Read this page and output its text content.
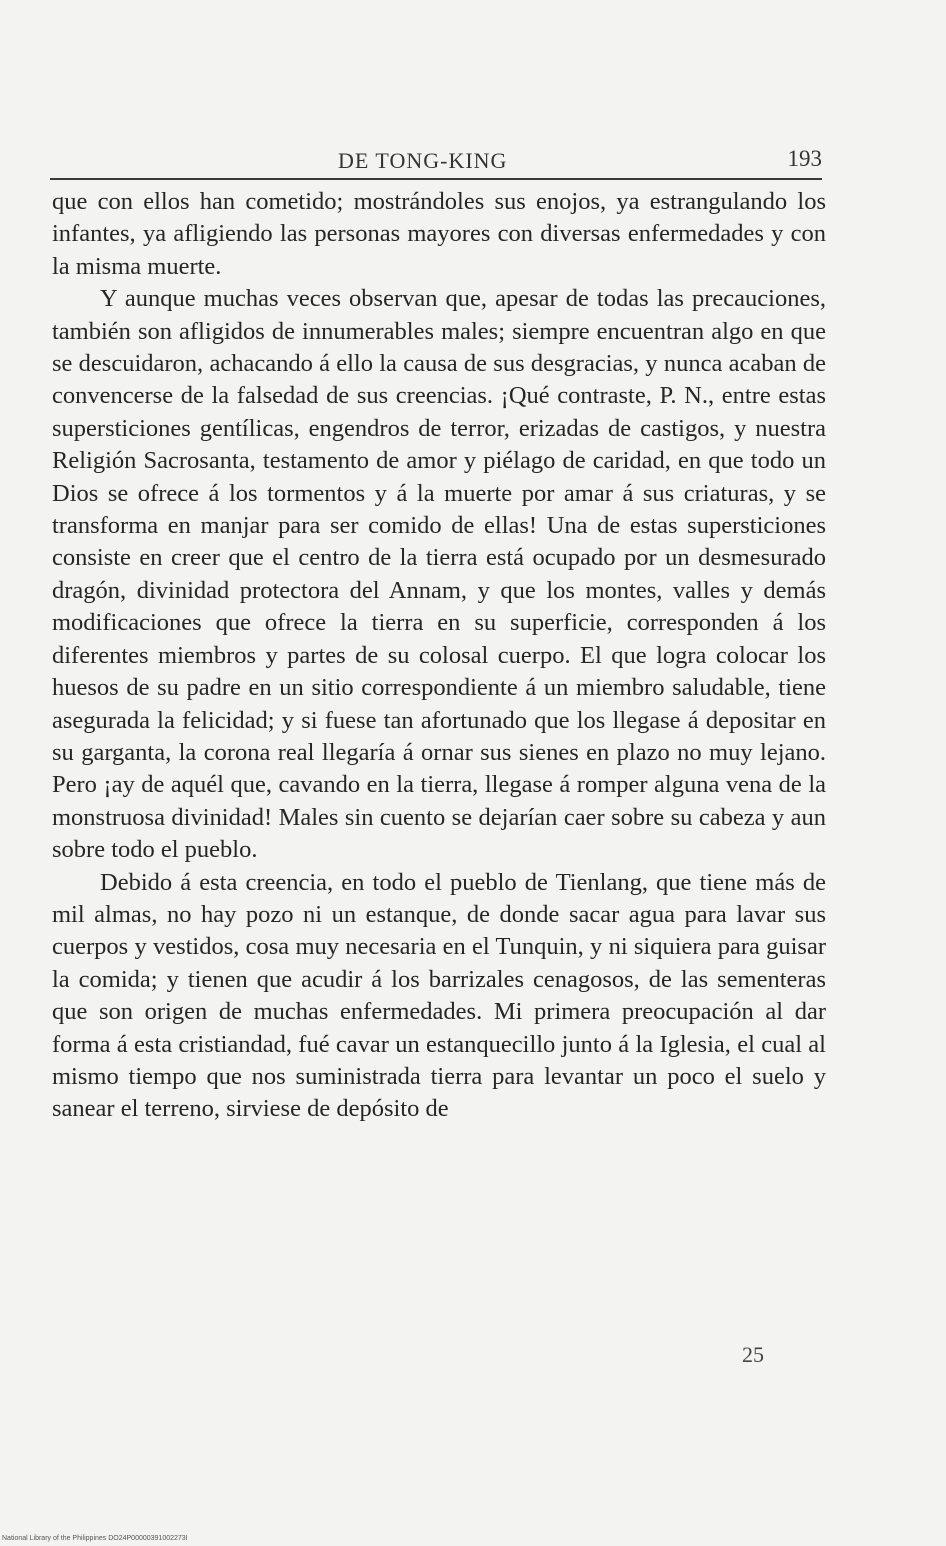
DE TONG-KING	193

que con ellos han cometido; mostrándoles sus enojos, ya estrangulando los infantes, ya afligiendo las personas mayores con diversas enfermedades y con la misma muerte.

Y aunque muchas veces observan que, apesar de todas las precauciones, también son afligidos de innumerables males; siempre encuentran algo en que se descuidaron, achacando á ello la causa de sus desgracias, y nunca acaban de convencerse de la falsedad de sus creencias. ¡Qué contraste, P. N., entre estas supersticiones gentílicas, engendros de terror, erizadas de castigos, y nuestra Religión Sacrosanta, testamento de amor y piélago de caridad, en que todo un Dios se ofrece á los tormentos y á la muerte por amar á sus criaturas, y se transforma en manjar para ser comido de ellas! Una de estas supersticiones consiste en creer que el centro de la tierra está ocupado por un desmesurado dragón, divinidad protectora del Annam, y que los montes, valles y demás modificaciones que ofrece la tierra en su superficie, corresponden á los diferentes miembros y partes de su colosal cuerpo. El que logra colocar los huesos de su padre en un sitio correspondiente á un miembro saludable, tiene asegurada la felicidad; y si fuese tan afortunado que los llegase á depositar en su garganta, la corona real llegaría á ornar sus sienes en plazo no muy lejano. Pero ¡ay de aquél que, cavando en la tierra, llegase á romper alguna vena de la monstruosa divinidad! Males sin cuento se dejarían caer sobre su cabeza y aun sobre todo el pueblo.

Debido á esta creencia, en todo el pueblo de Tienlang, que tiene más de mil almas, no hay pozo ni un estanque, de donde sacar agua para lavar sus cuerpos y vestidos, cosa muy necesaria en el Tunquin, y ni siquiera para guisar la comida; y tienen que acudir á los barrizales cenagosos, de las sementeras que son origen de muchas enfermedades. Mi primera preocupación al dar forma á esta cristiandad, fué cavar un estanquecillo junto á la Iglesia, el cual al mismo tiempo que nos suministrada tierra para levantar un poco el suelo y sanear el terreno, sirviese de depósito de

25
National Library of the Philippines DO24P00000391002273I
